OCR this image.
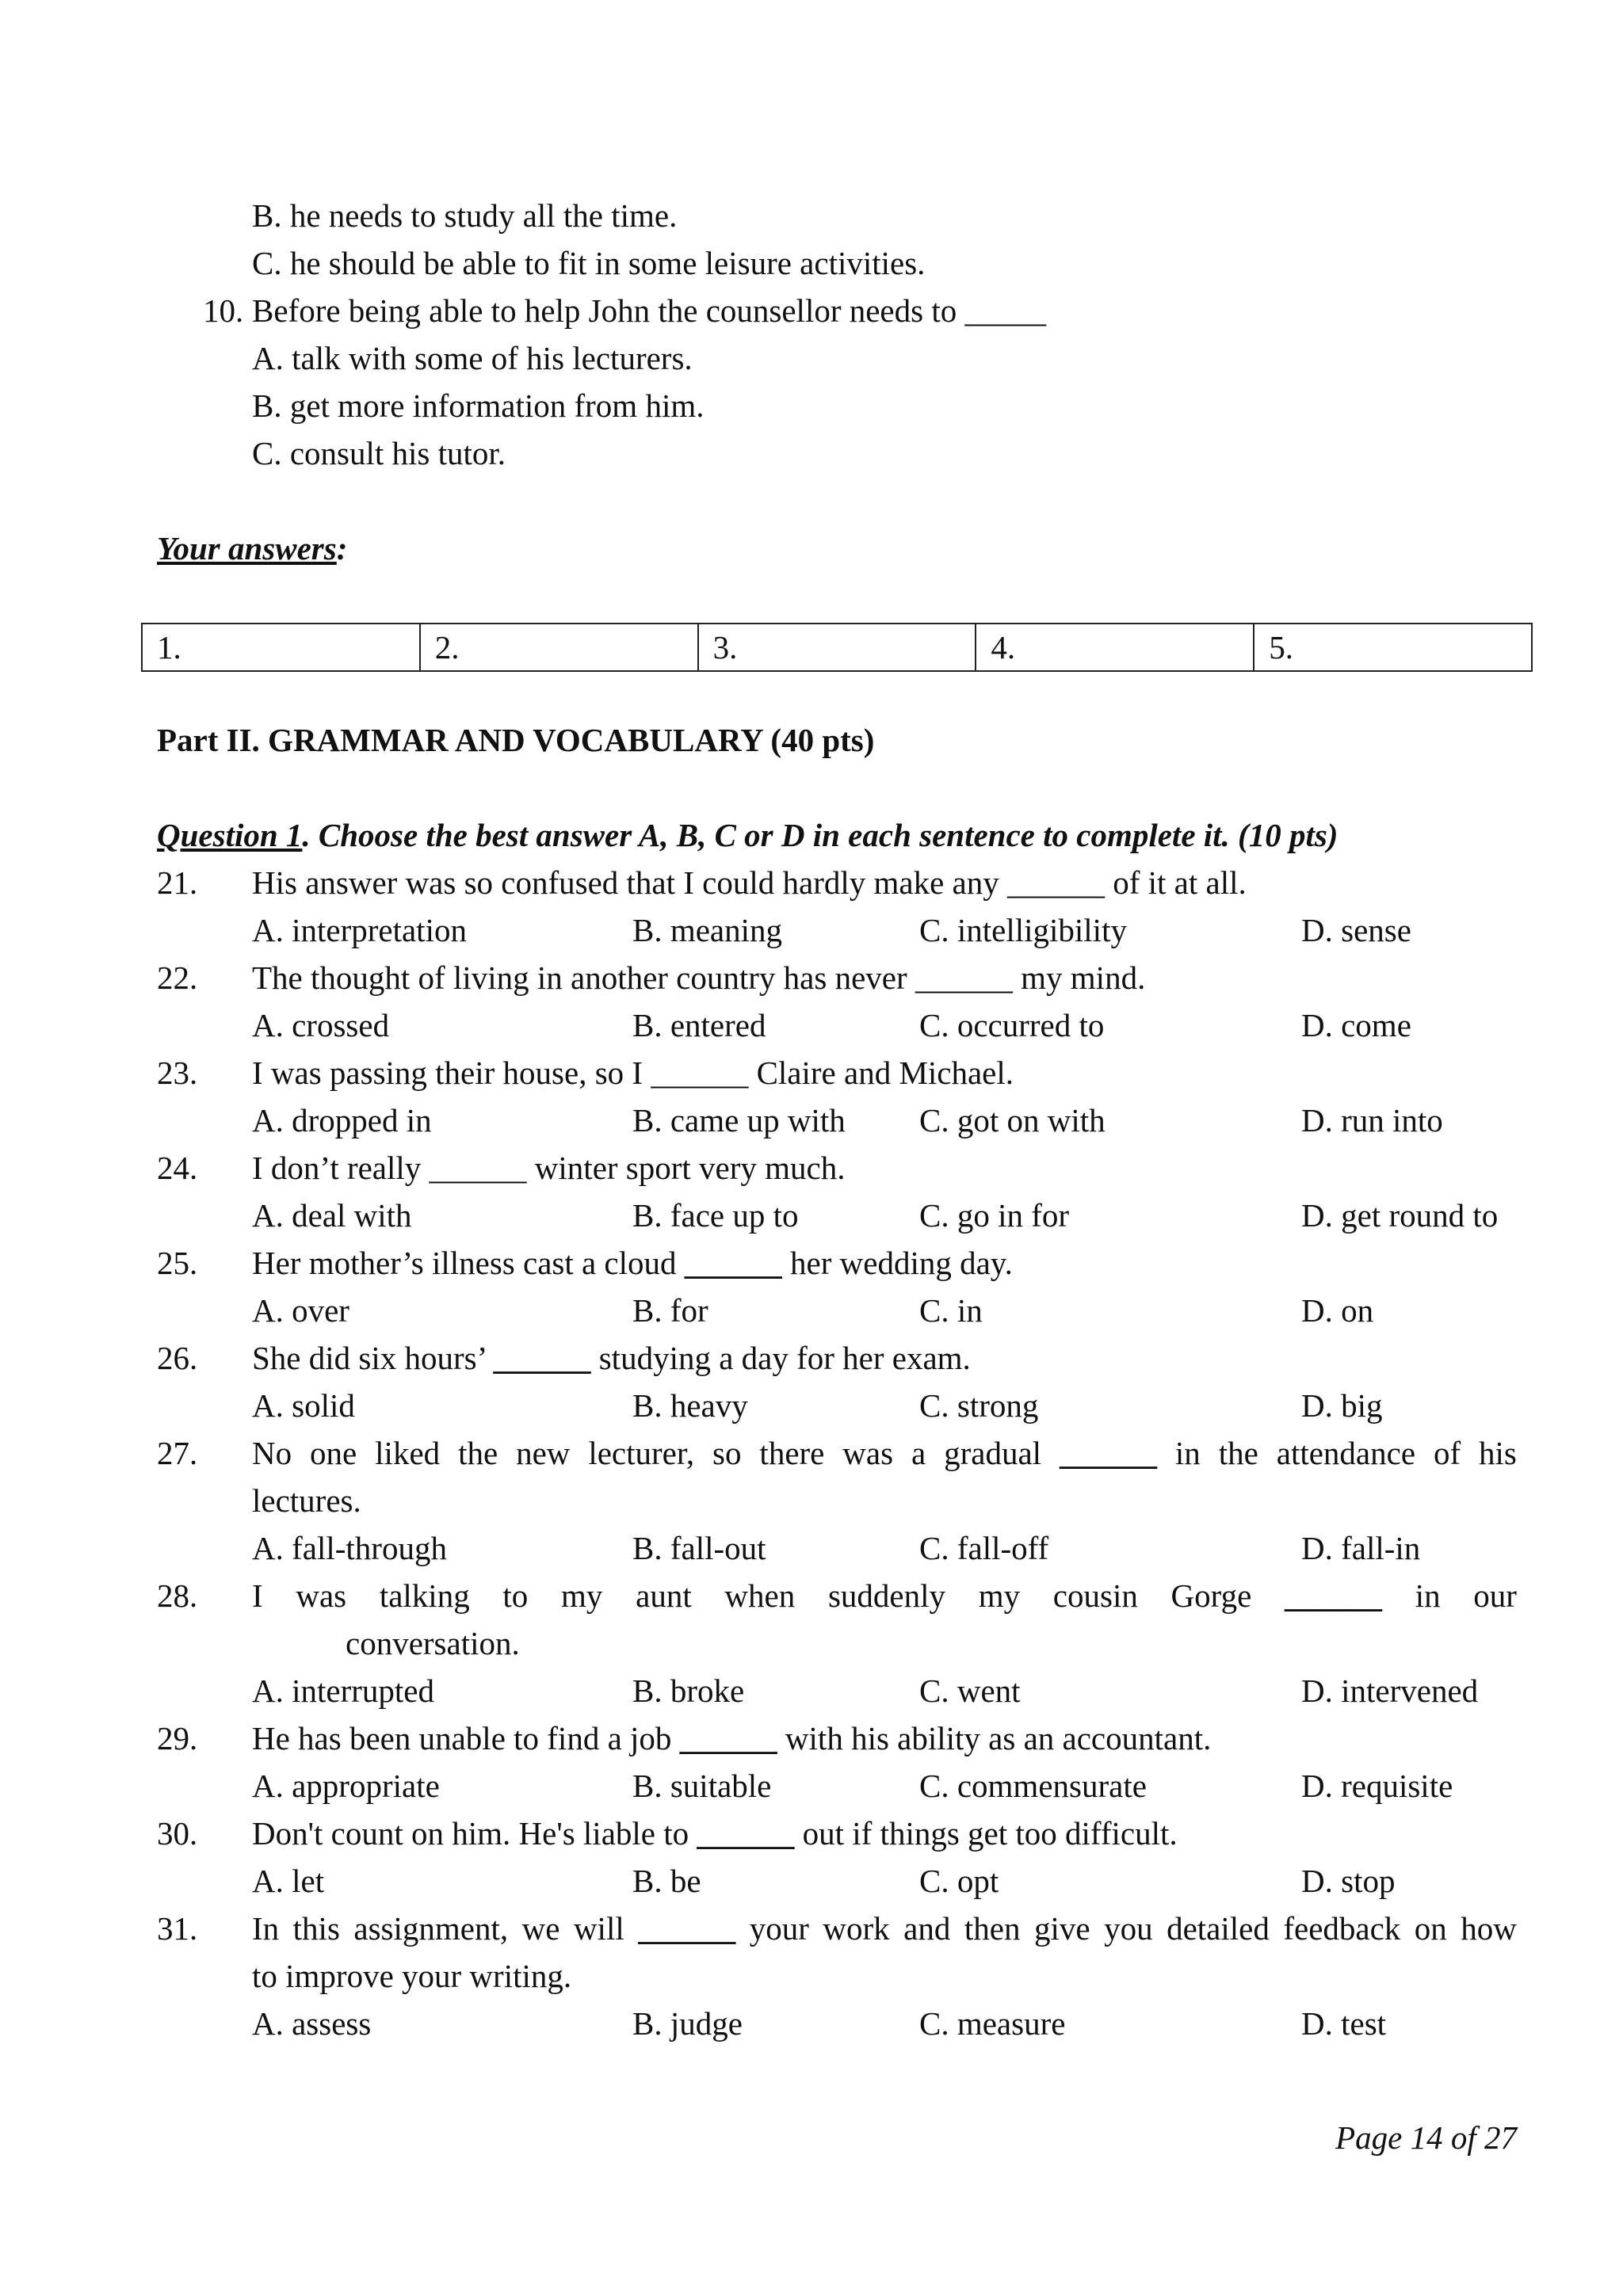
B. he needs to study all the time.
C. he should be able to fit in some leisure activities.
10. Before being able to help John the counsellor needs to _____
A. talk with some of his lecturers.
B. get more information from him.
C. consult his tutor.
Your answers:
1.	2.	3.	4.	5.
Part II. GRAMMAR AND VOCABULARY (40 pts)
Question 1. Choose the best answer A, B, C or D in each sentence to complete it. (10 pts)
21. His answer was so confused that I could hardly make any ______ of it at all.
A. interpretation	B. meaning	C. intelligibility	D. sense
22. The thought of living in another country has never ______ my mind.
A. crossed	B. entered	C. occurred to	D. come
23. I was passing their house, so I ______ Claire and Michael.
A. dropped in	B. came up with C. got on with	D. run into
24. I don’t really ______ winter sport very much.
A. deal with	B. face up to	C. go in for	D. get round to
25. Her mother’s illness cast a cloud ______ her wedding day.
A. over	B. for	C. in	D. on
26. She did six hours’ ______ studying a day for her exam.
A. solid	B. heavy	C. strong	D. big
27. No one liked the new lecturer, so there was a gradual ______ in the attendance of his
lectures.
A. fall-through	B. fall-out	C. fall-off	D. fall-in
28. I was talking to my aunt when suddenly my cousin Gorge ______ in our
conversation.
A. interrupted	B. broke	C. went	D. intervened
29. He has been unable to find a job ______ with his ability as an accountant.
A. appropriate	B. suitable	C. commensurate	D. requisite
30. Don't count on him. He's liable to ______ out if things get too difficult.
A. let	B. be	C. opt	D. stop
31. In this assignment, we will ______ your work and then give you detailed feedback on how
to improve your writing.
A. assess	B. judge	C. measure	D. test
Page 14 of 27
